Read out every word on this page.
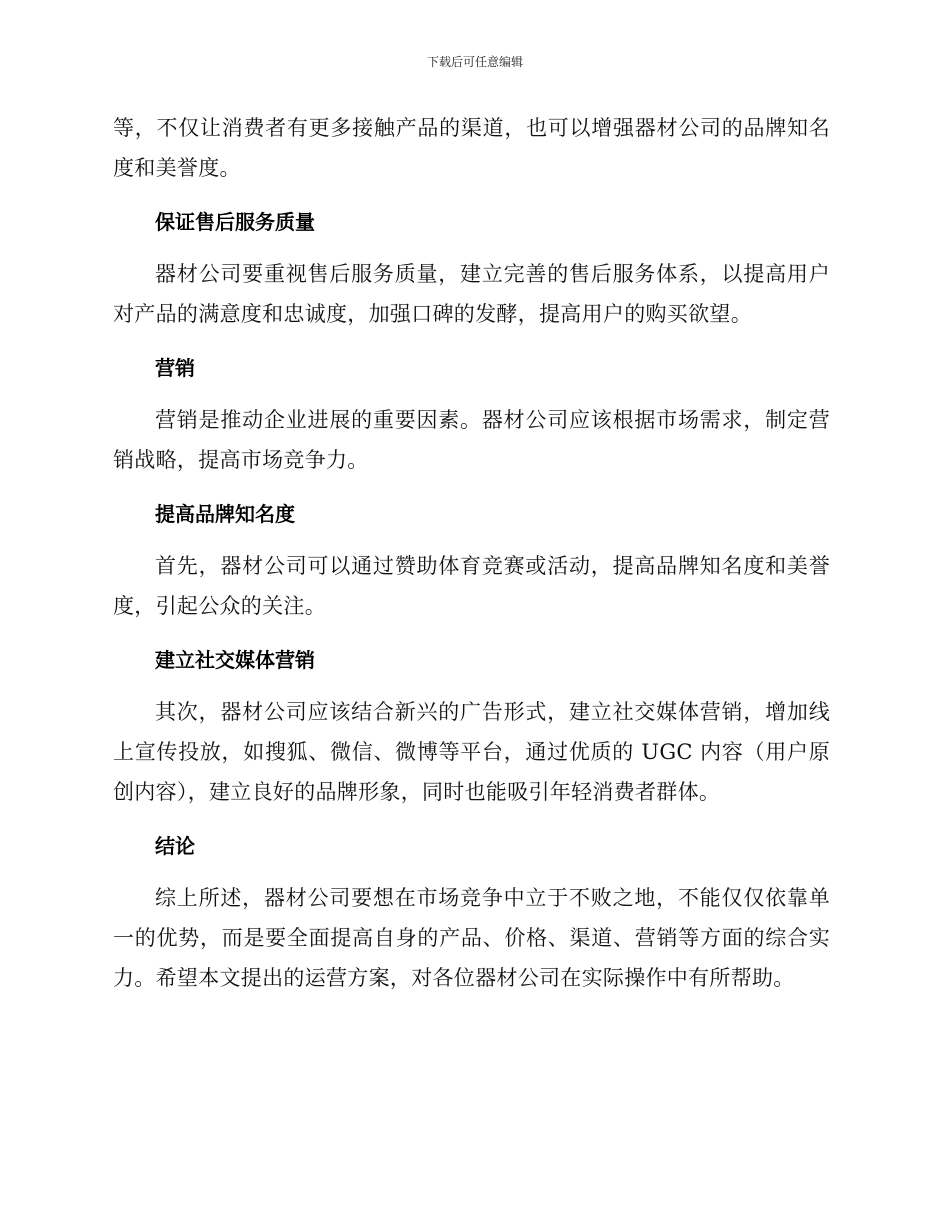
下载后可任意编辑

等，不仅让消费者有更多接触产品的渠道，也可以增强器材公司的品牌知名度和美誉度。

保证售后服务质量

器材公司要重视售后服务质量，建立完善的售后服务体系，以提高用户对产品的满意度和忠诚度，加强口碑的发酵，提高用户的购买欲望。

营销

营销是推动企业进展的重要因素。器材公司应该根据市场需求，制定营销战略，提高市场竞争力。

提高品牌知名度

首先，器材公司可以通过赞助体育竞赛或活动，提高品牌知名度和美誉度，引起公众的关注。

建立社交媒体营销

其次，器材公司应该结合新兴的广告形式，建立社交媒体营销，增加线上宣传投放，如搜狐、微信、微博等平台，通过优质的 UGC 内容（用户原创内容），建立良好的品牌形象，同时也能吸引年轻消费者群体。

结论

综上所述，器材公司要想在市场竞争中立于不败之地，不能仅仅依靠单一的优势，而是要全面提高自身的产品、价格、渠道、营销等方面的综合实力。希望本文提出的运营方案，对各位器材公司在实际操作中有所帮助。
